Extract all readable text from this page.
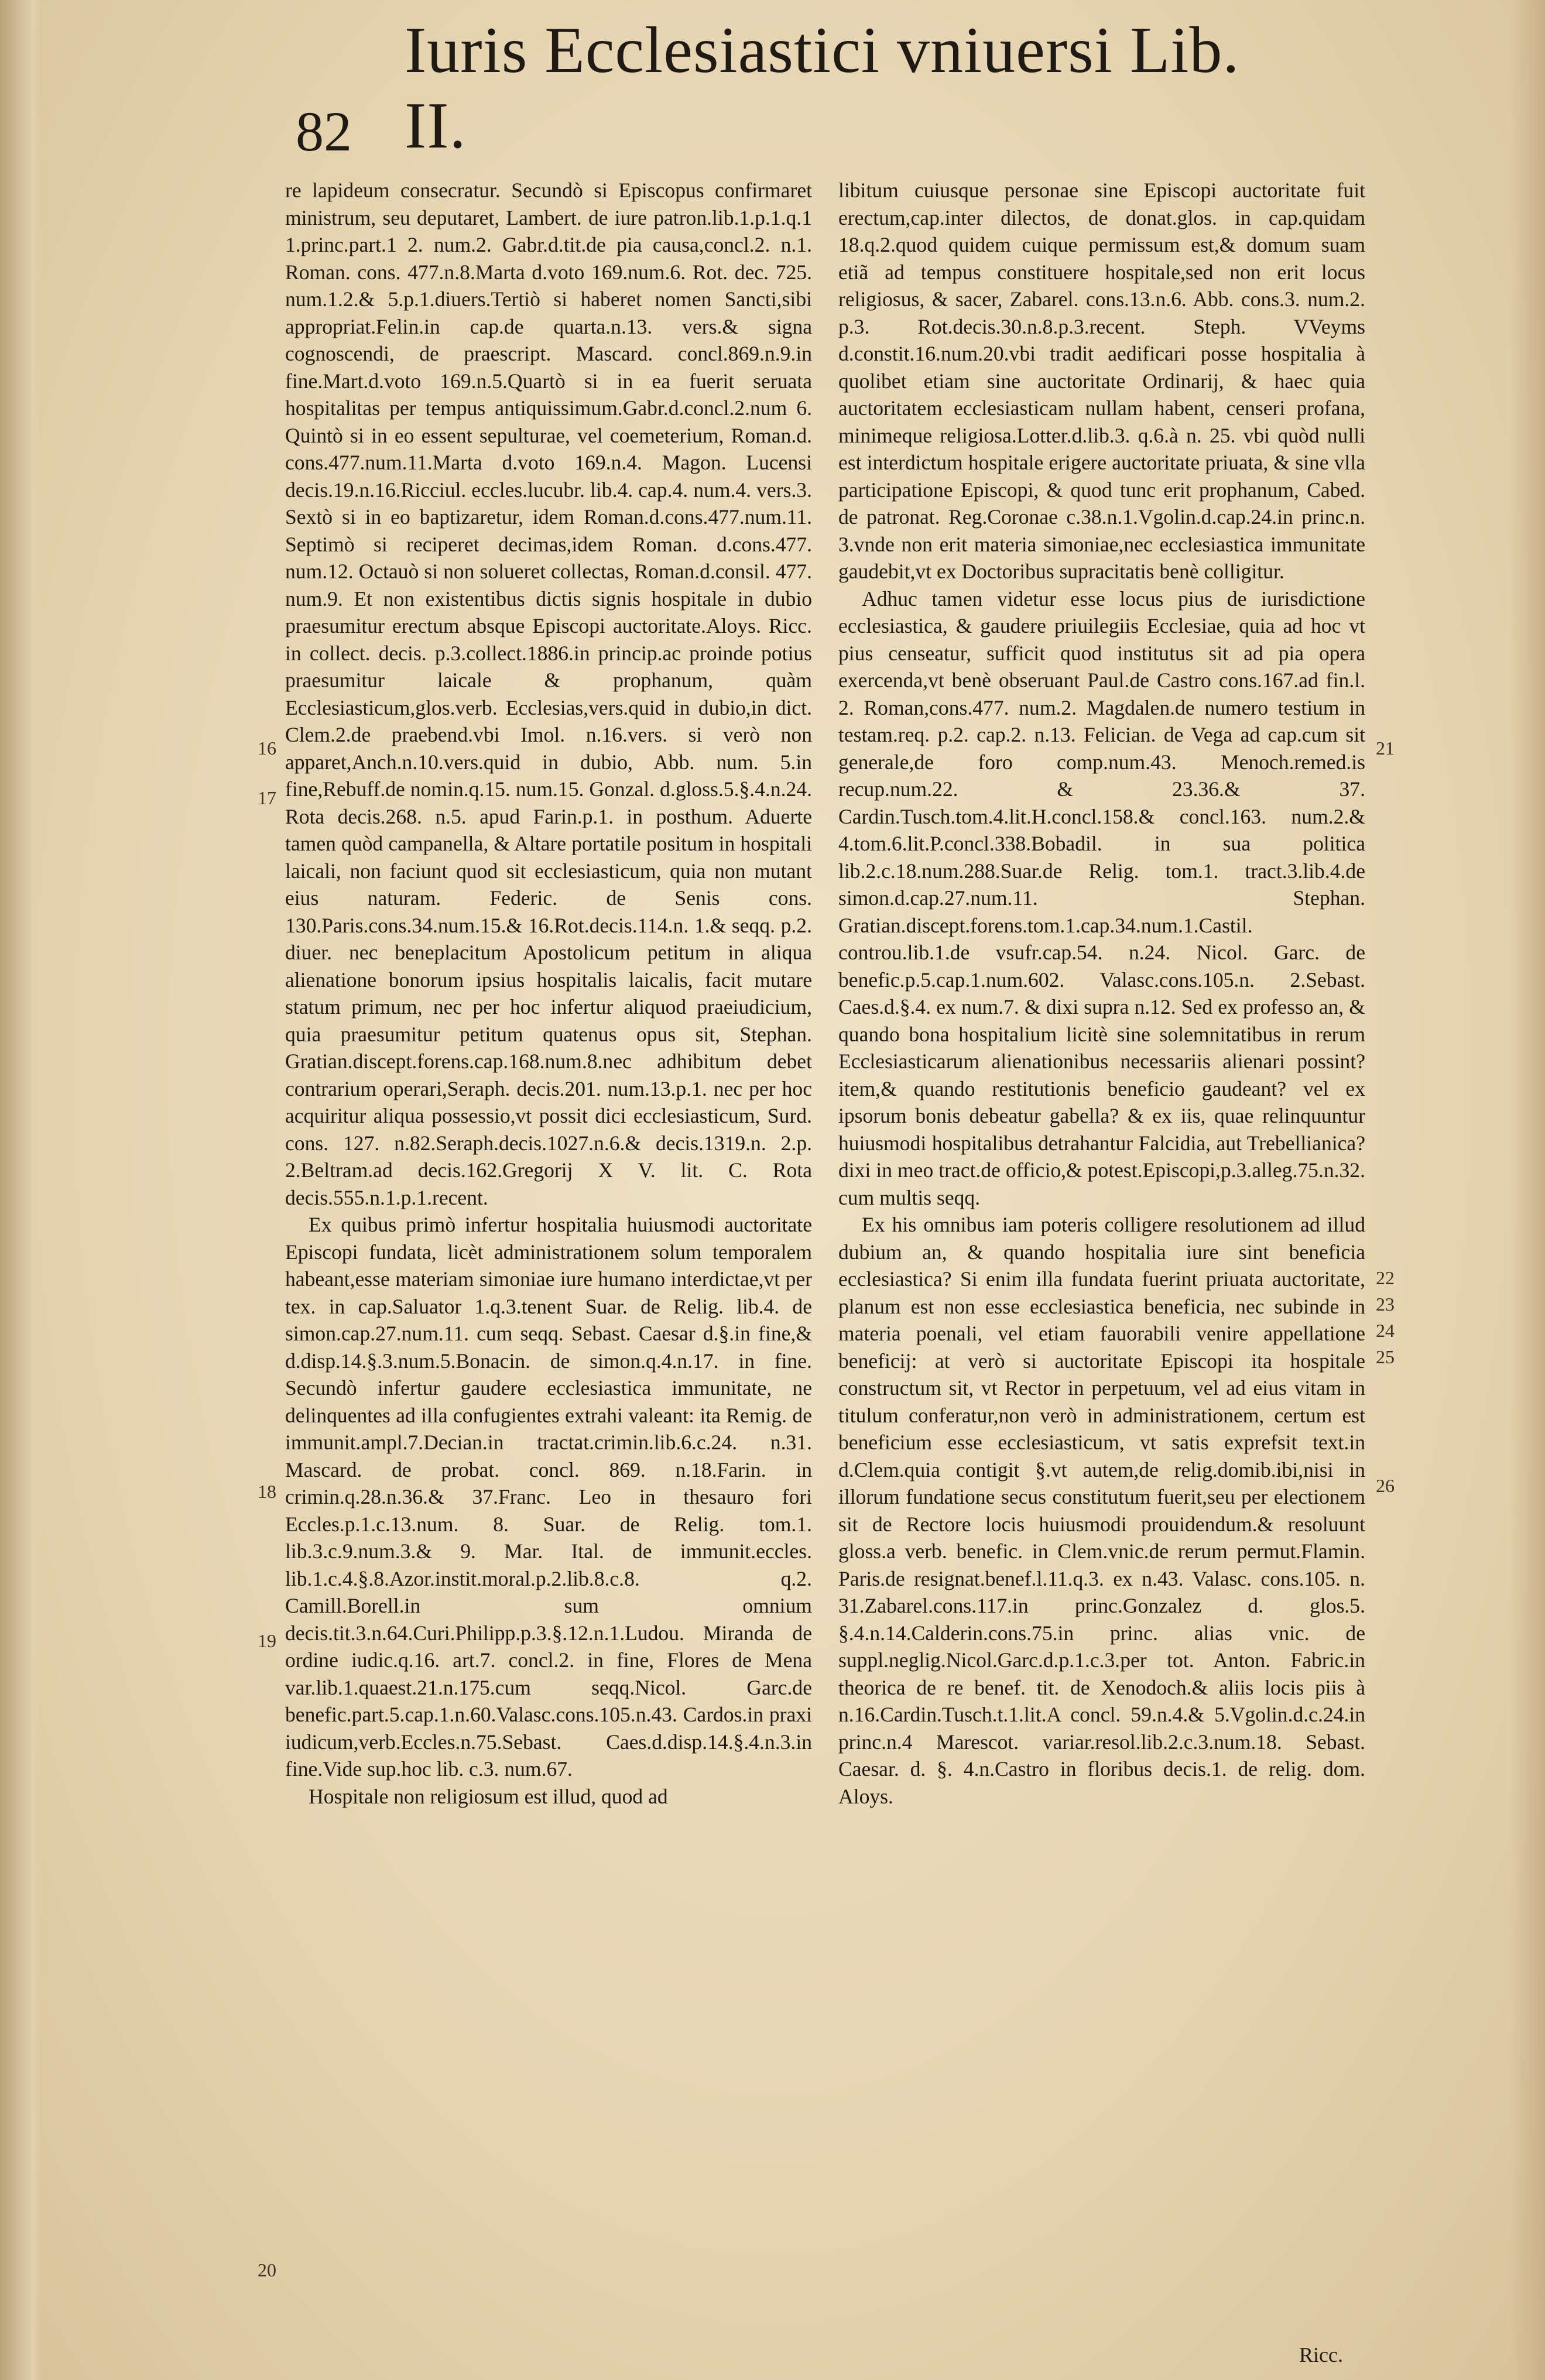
82
Iuris Ecclesiastici vniuersi Lib. II.

re lapideum consecratur. Secundò si Episcopus confirmaret ministrum, seu deputaret, Lambert. de iure patron.lib.1.p.1.q.1 1.princ.part.1 2. num.2. Gabr.d.tit.de pia causa,concl.2. n.1. Roman. cons. 477.n.8.Marta d.voto 169.num.6. Rot. dec. 725. num.1.2.& 5.p.1.diuers.Tertiò si haberet nomen Sancti,sibi appropriat.Felin.in cap.de quarta.n.13. vers.& signa cognoscendi, de praescript. Mascard. concl.869.n.9.in fine.Mart.d.voto 169.n.5.Quartò si in ea fuerit seruata hospitalitas per tempus antiquissimum.Gabr.d.concl.2.num 6. Quintò si in eo essent sepulturae, vel coemeterium, Roman.d. cons.477.num.11.Marta d.voto 169.n.4. Magon. Lucensi decis.19.n.16.Ricciul. eccles.lucubr. lib.4. cap.4. num.4. vers.3. Sextò si in eo baptizaretur, idem Roman.d.cons.477.num.11. Septimò si reciperet decimas,idem Roman. d.cons.477. num.12. Octauò si non solueret collectas, Roman.d.consil. 477. num.9. Et non existentibus dictis signis hospitale in dubio praesumitur erectum absque Episcopi auctoritate.Aloys. Ricc. in collect. decis. p.3.collect.1886.in princip.ac proinde potius praesumitur laicale & prophanum, quàm Ecclesiasticum,glos.verb. Ecclesias,vers.quid in dubio,in dict. Clem.2.de praebend.vbi Imol. n.16.vers. si verò non apparet,Anch.n.10.vers.quid in dubio, Abb. num. 5.in fine,Rebuff.de nomin.q.15. num.15. Gonzal. d.gloss.5.§.4.n.24. Rota decis.268. n.5. apud Farin.p.1. in posthum. Aduerte tamen quòd campanella, & Altare portatile positum in hospitali laicali, non faciunt quod sit ecclesiasticum, quia non mutant eius naturam. Federic. de Senis cons. 130.Paris.cons.34.num.15.& 16.Rot.decis.114.n. 1.& seqq. p.2. diuer. nec beneplacitum Apostolicum petitum in aliqua alienatione bonorum ipsius hospitalis laicalis, facit mutare statum primum, nec per hoc infertur aliquod praeiudicium, quia praesumitur petitum quatenus opus sit, Stephan. Gratian.discept.forens.cap.168.num.8.nec adhibitum debet contrarium operari,Seraph. decis.201. num.13.p.1. nec per hoc acquiritur aliqua possessio,vt possit dici ecclesiasticum, Surd. cons. 127. n.82.Seraph.decis.1027.n.6.& decis.1319.n. 2.p. 2.Beltram.ad decis.162.Gregorij X V. lit. C. Rota decis.555.n.1.p.1.recent.

Ex quibus primò infertur hospitalia huiusmodi auctoritate Episcopi fundata, licèt administrationem solum temporalem habeant,esse materiam simoniae iure humano interdictae,vt per tex. in cap.Saluator 1.q.3.tenent Suar. de Relig. lib.4. de simon.cap.27.num.11. cum seqq. Sebast. Caesar d.§.in fine,& d.disp.14.§.3.num.5.Bonacin. de simon.q.4.n.17. in fine. Secundò infertur gaudere ecclesiastica immunitate, ne delinquentes ad illa confugientes extrahi valeant: ita Remig. de immunit.ampl.7.Decian.in tractat.crimin.lib.6.c.24. n.31. Mascard. de probat. concl. 869. n.18.Farin. in crimin.q.28.n.36.& 37.Franc. Leo in thesauro fori Eccles.p.1.c.13.num. 8. Suar. de Relig. tom.1. lib.3.c.9.num.3.& 9. Mar. Ital. de immunit.eccles. lib.1.c.4.§.8.Azor.instit.moral.p.2.lib.8.c.8. q.2. Camill.Borell.in sum omnium decis.tit.3.n.64.Curi.Philipp.p.3.§.12.n.1.Ludou. Miranda de ordine iudic.q.16. art.7. concl.2. in fine, Flores de Mena var.lib.1.quaest.21.n.175.cum seqq.Nicol. Garc.de benefic.part.5.cap.1.n.60.Valasc.cons.105.n.43. Cardos.in praxi iudicum,verb.Eccles.n.75.Sebast. Caes.d.disp.14.§.4.n.3.in fine.Vide sup.hoc lib. c.3. num.67.

Hospitale non religiosum est illud, quod ad

libitum cuiusque personae sine Episcopi auctoritate fuit erectum,cap.inter dilectos, de donat.glos. in cap.quidam 18.q.2.quod quidem cuique permissum est,& domum suam etiã ad tempus constituere hospitale,sed non erit locus religiosus, & sacer, Zabarel. cons.13.n.6. Abb. cons.3. num.2. p.3. Rot.decis.30.n.8.p.3.recent. Steph. VVeyms d.constit.16.num.20.vbi tradit aedificari posse hospitalia à quolibet etiam sine auctoritate Ordinarij, & haec quia auctoritatem ecclesiasticam nullam habent, censeri profana, minimeque religiosa.Lotter.d.lib.3. q.6.à n. 25. vbi quòd nulli est interdictum hospitale erigere auctoritate priuata, & sine vlla participatione Episcopi, & quod tunc erit prophanum, Cabed. de patronat. Reg.Coronae c.38.n.1.Vgolin.d.cap.24.in princ.n. 3.vnde non erit materia simoniae,nec ecclesiastica immunitate gaudebit,vt ex Doctoribus supracitatis benè colligitur.

Adhuc tamen videtur esse locus pius de iurisdictione ecclesiastica, & gaudere priuilegiis Ecclesiae, quia ad hoc vt pius censeatur, sufficit quod institutus sit ad pia opera exercenda,vt benè obseruant Paul.de Castro cons.167.ad fin.l. 2. Roman,cons.477. num.2. Magdalen.de numero testium in testam.req. p.2. cap.2. n.13. Felician. de Vega ad cap.cum sit generale,de foro comp.num.43. Menoch.remed.is recup.num.22. & 23.36.& 37. Cardin.Tusch.tom.4.lit.H.concl.158.& concl.163. num.2.& 4.tom.6.lit.P.concl.338.Bobadil. in sua politica lib.2.c.18.num.288.Suar.de Relig. tom.1. tract.3.lib.4.de simon.d.cap.27.num.11. Stephan. Gratian.discept.forens.tom.1.cap.34.num.1.Castil. controu.lib.1.de vsufr.cap.54. n.24. Nicol. Garc. de benefic.p.5.cap.1.num.602. Valasc.cons.105.n. 2.Sebast. Caes.d.§.4. ex num.7. & dixi supra n.12. Sed ex professo an, & quando bona hospitalium licitè sine solemnitatibus in rerum Ecclesiasticarum alienationibus necessariis alienari possint? item,& quando restitutionis beneficio gaudeant? vel ex ipsorum bonis debeatur gabella? & ex iis, quae relinquuntur huiusmodi hospitalibus detrahantur Falcidia, aut Trebellianica? dixi in meo tract.de officio,& potest.Episcopi,p.3.alleg.75.n.32. cum multis seqq.

Ex his omnibus iam poteris colligere resolutionem ad illud dubium an, & quando hospitalia iure sint beneficia ecclesiastica? Si enim illa fundata fuerint priuata auctoritate, planum est non esse ecclesiastica beneficia, nec subinde in materia poenali, vel etiam fauorabili venire appellatione beneficij: at verò si auctoritate Episcopi ita hospitale constructum sit, vt Rector in perpetuum, vel ad eius vitam in titulum conferatur,non verò in administrationem, certum est beneficium esse ecclesiasticum, vt satis exprefsit text.in d.Clem.quia contigit §.vt autem,de relig.domib.ibi,nisi in illorum fundatione secus constitutum fuerit,seu per electionem sit de Rectore locis huiusmodi prouidendum.& resoluunt gloss.a verb. benefic. in Clem.vnic.de rerum permut.Flamin. Paris.de resignat.benef.l.11.q.3. ex n.43. Valasc. cons.105. n. 31.Zabarel.cons.117.in princ.Gonzalez d. glos.5. §.4.n.14.Calderin.cons.75.in princ. alias vnic. de suppl.neglig.Nicol.Garc.d.p.1.c.3.per tot. Anton. Fabric.in theorica de re benef. tit. de Xenodoch.& aliis locis piis à n.16.Cardin.Tusch.t.1.lit.A concl. 59.n.4.& 5.Vgolin.d.c.24.in princ.n.4 Marescot. variar.resol.lib.2.c.3.num.18. Sebast. Caesar. d. §. 4.n.Castro in floribus decis.1. de relig. dom. Aloys.

16
17
18
19
20
21
22
23
24
25
26
Ricc.
